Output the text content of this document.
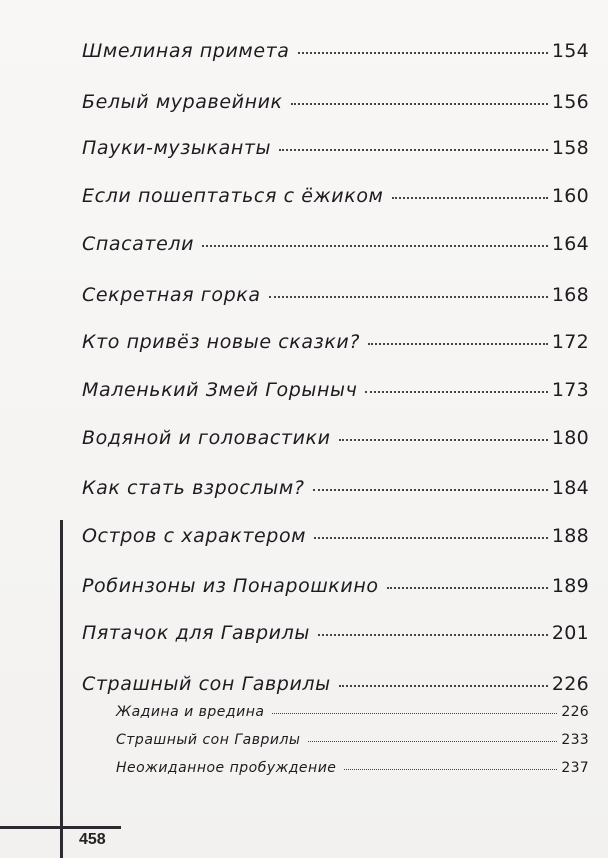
Шмелиная примета	154
Белый муравейник	156
Пауки-музыканты	158
Если пошептаться с ёжиком	160
Спасатели	164
Секретная горка	168
Кто привёз новые сказки?	172
Маленький Змей Горыныч	173
Водяной и головастики	180
Как стать взрослым?	184
Остров с характером	188
Робинзоны из Понарошкино	189
Пятачок для Гаврилы	201
Страшный сон Гаврилы	226
Жадина и вредина	226
Страшный сон Гаврилы	233
Неожиданное пробуждение	237
458
